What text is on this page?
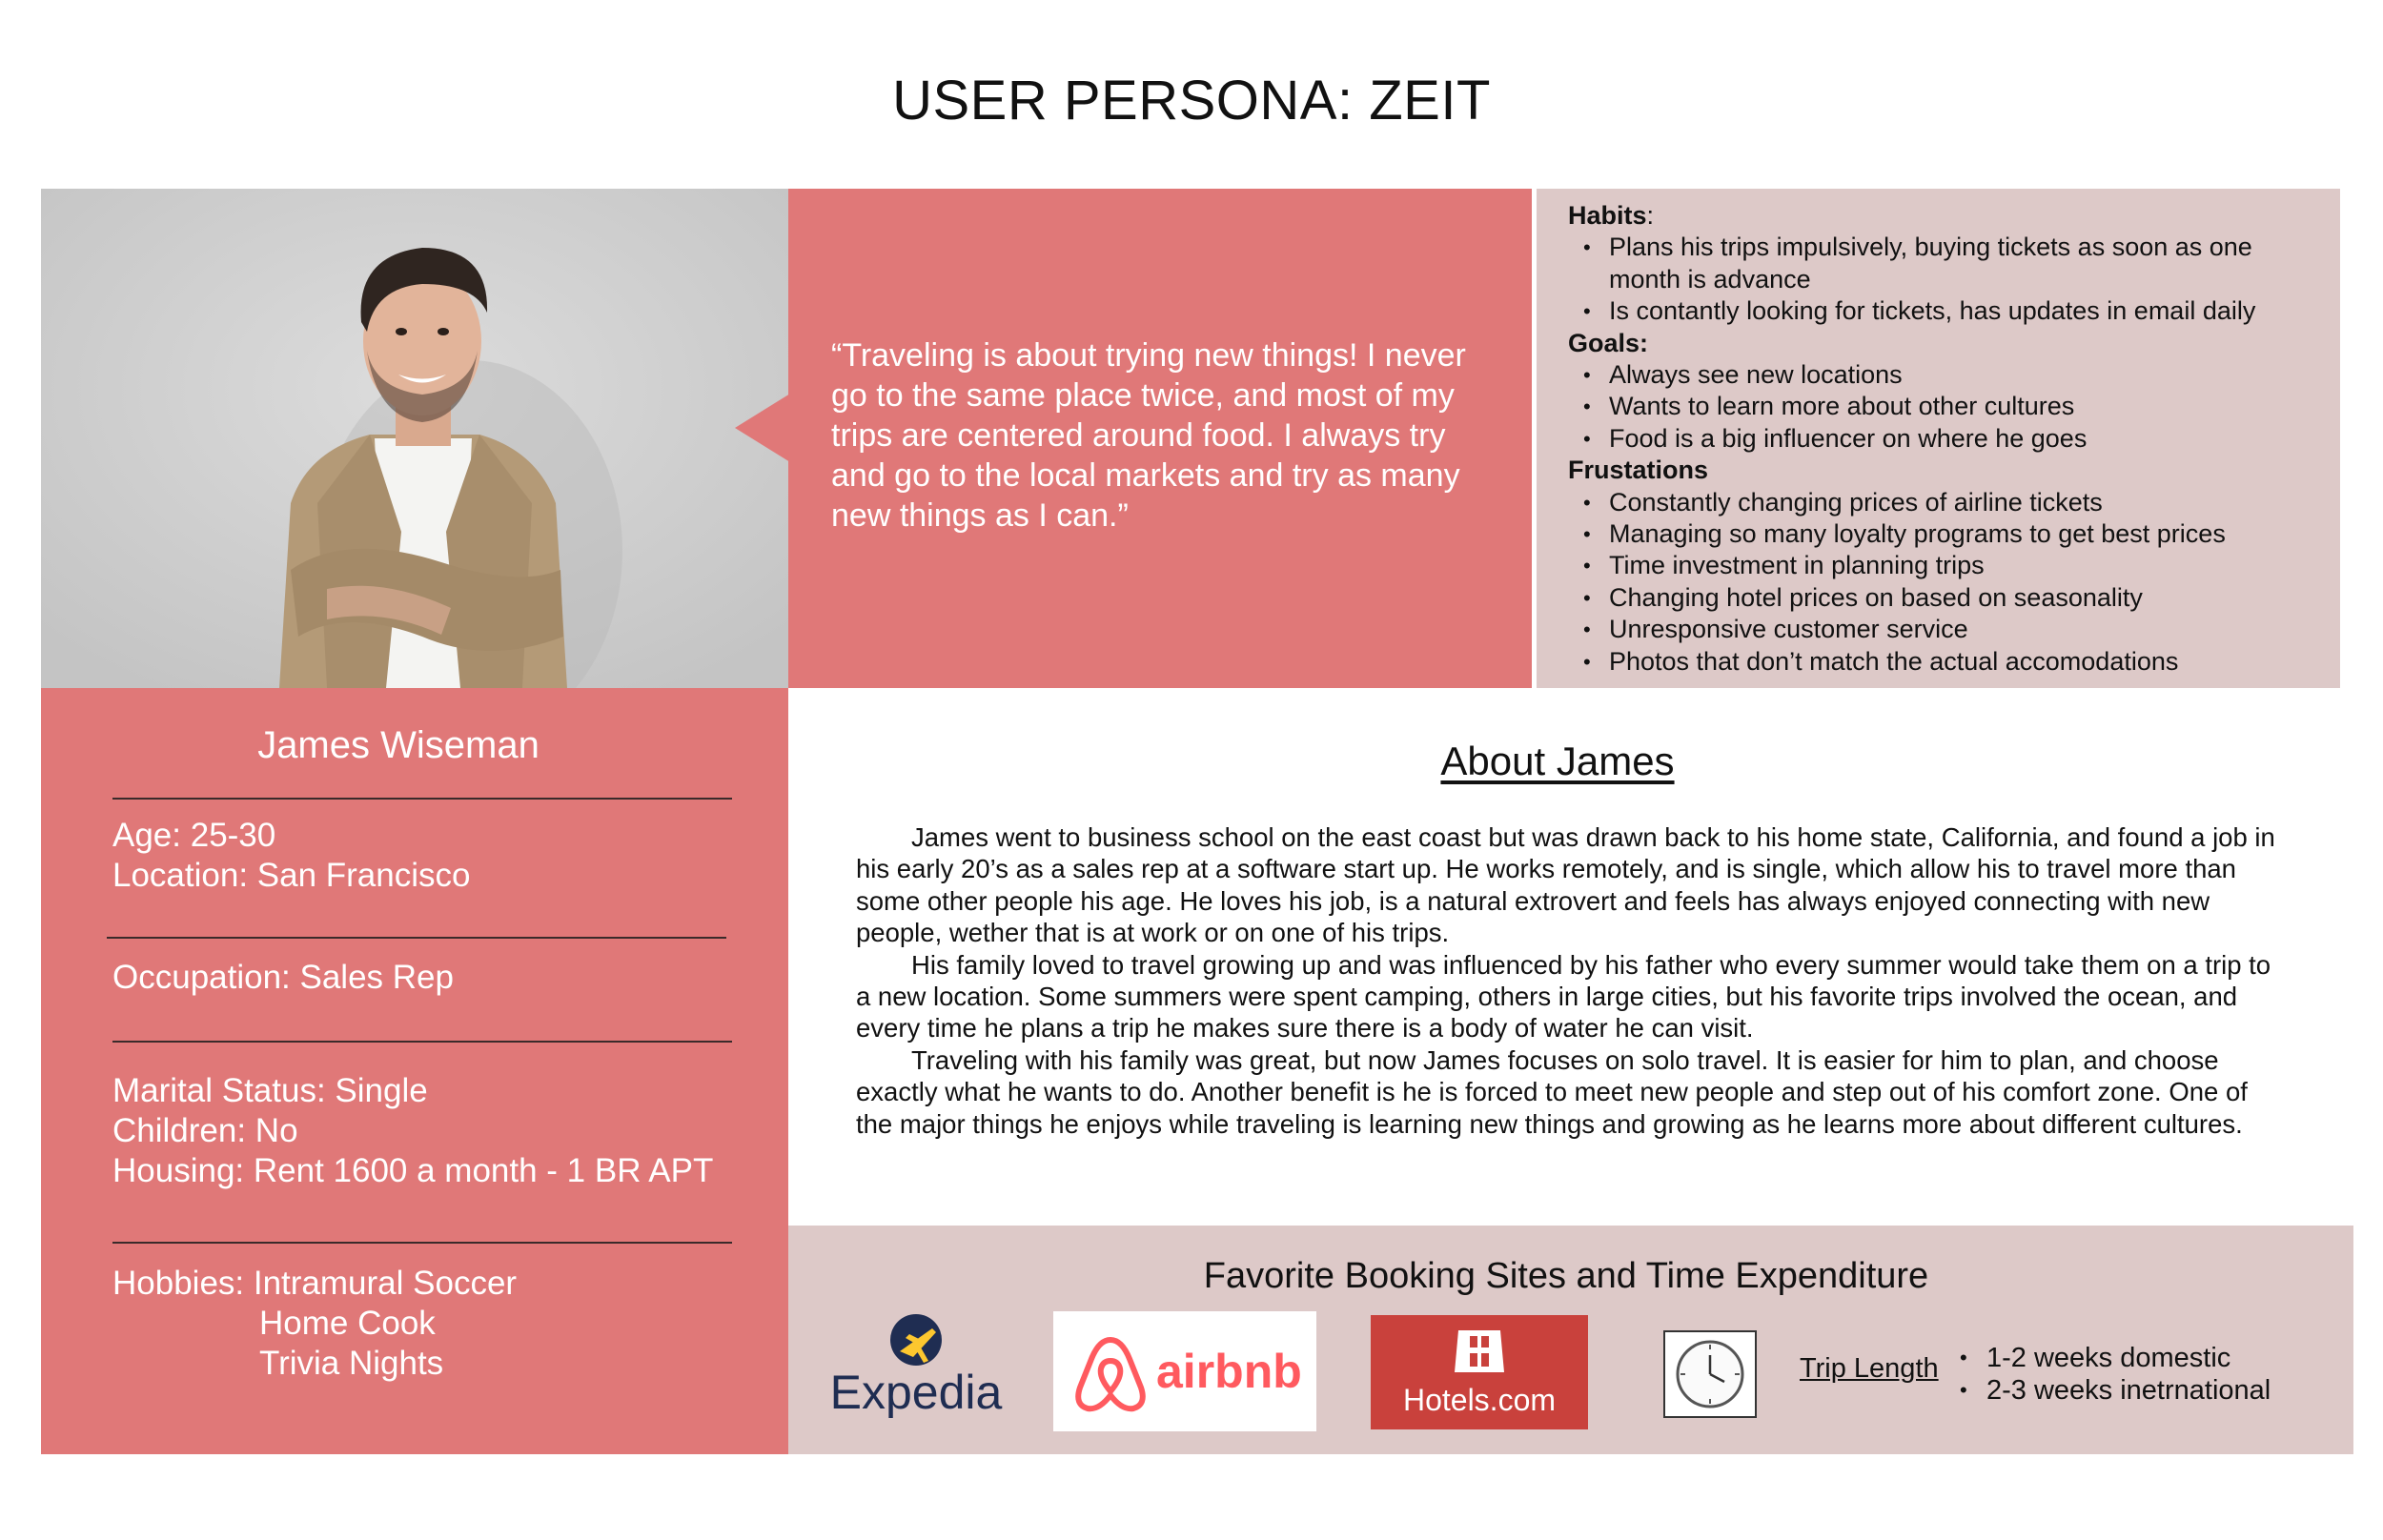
USER PERSONA: ZEIT
“Traveling is about trying new things! I never go to the same place twice, and most of my trips are centered around food. I always try and go to the local markets and try as many new things as I can.”
Habits:
• Plans his trips impulsively, buying tickets as soon as one month is advance
• Is contantly looking for tickets, has updates in email daily
Goals:
• Always see new locations
• Wants to learn more about other cultures
• Food is a big influencer on where he goes
Frustations
• Constantly changing prices of airline tickets
• Managing so many loyalty programs to get best prices
• Time investment in planning trips
• Changing hotel prices on based on seasonality
• Unresponsive customer service
• Photos that don’t match the actual accomodations
James Wiseman
Age: 25-30
Location: San Francisco
Occupation: Sales Rep
Marital Status: Single
Children: No
Housing: Rent 1600 a month - 1 BR APT
Hobbies: Intramural Soccer
Home Cook
Trivia Nights
About James

James went to business school on the east coast but was drawn back to his home state, California, and found a job in his early 20’s as a sales rep at a software start up. He works remotely, and is single, which allow his to travel more than some other people his age. He loves his job, is a natural extrovert and feels has always enjoyed connecting with new people, wether that is at work or on one of his trips.

His family loved to travel growing up and was influenced by his father who every summer would take them on a trip to a new location. Some summers were spent camping, others in large cities, but his favorite trips involved the ocean, and every time he plans a trip he makes sure there is a body of water he can visit.

Traveling with his family was great, but now James focuses on solo travel. It is easier for him to plan, and choose exactly what he wants to do. Another benefit is he is forced to meet new people and step out of his comfort zone. One of the major things he enjoys while traveling is learning new things and growing as he learns more about different cultures.

Favorite Booking Sites and Time Expenditure
Expedia	airbnb
Hotels.com
Trip Length
•	1-2 weeks domestic
• 2-3 weeks inetrnational
